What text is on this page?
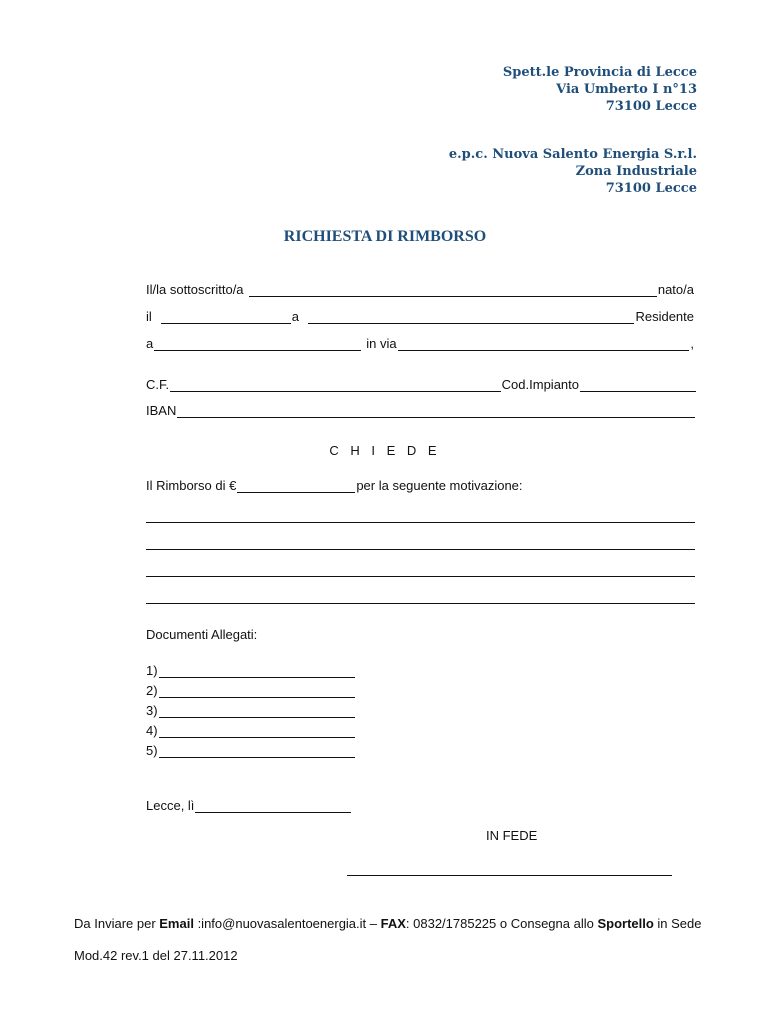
Spett.le Provincia di Lecce
Via Umberto I n°13
73100 Lecce
e.p.c. Nuova Salento Energia S.r.l.
Zona Industriale
73100 Lecce
RICHIESTA DI RIMBORSO
Il/la sottoscritto/a	nato/a
il	a	Residente
a	in via	,
C.F.	Cod.Impianto
IBAN
C H I E D E
Il Rimborso di €	per la seguente motivazione:
Documenti Allegati:
1)
2)
3)
4)
5)
Lecce, lì
IN FEDE
Da Inviare per Email :info@nuovasalentoenergia.it – FAX: 0832/1785225 o Consegna allo Sportello in Sede
Mod.42 rev.1 del 27.11.2012
